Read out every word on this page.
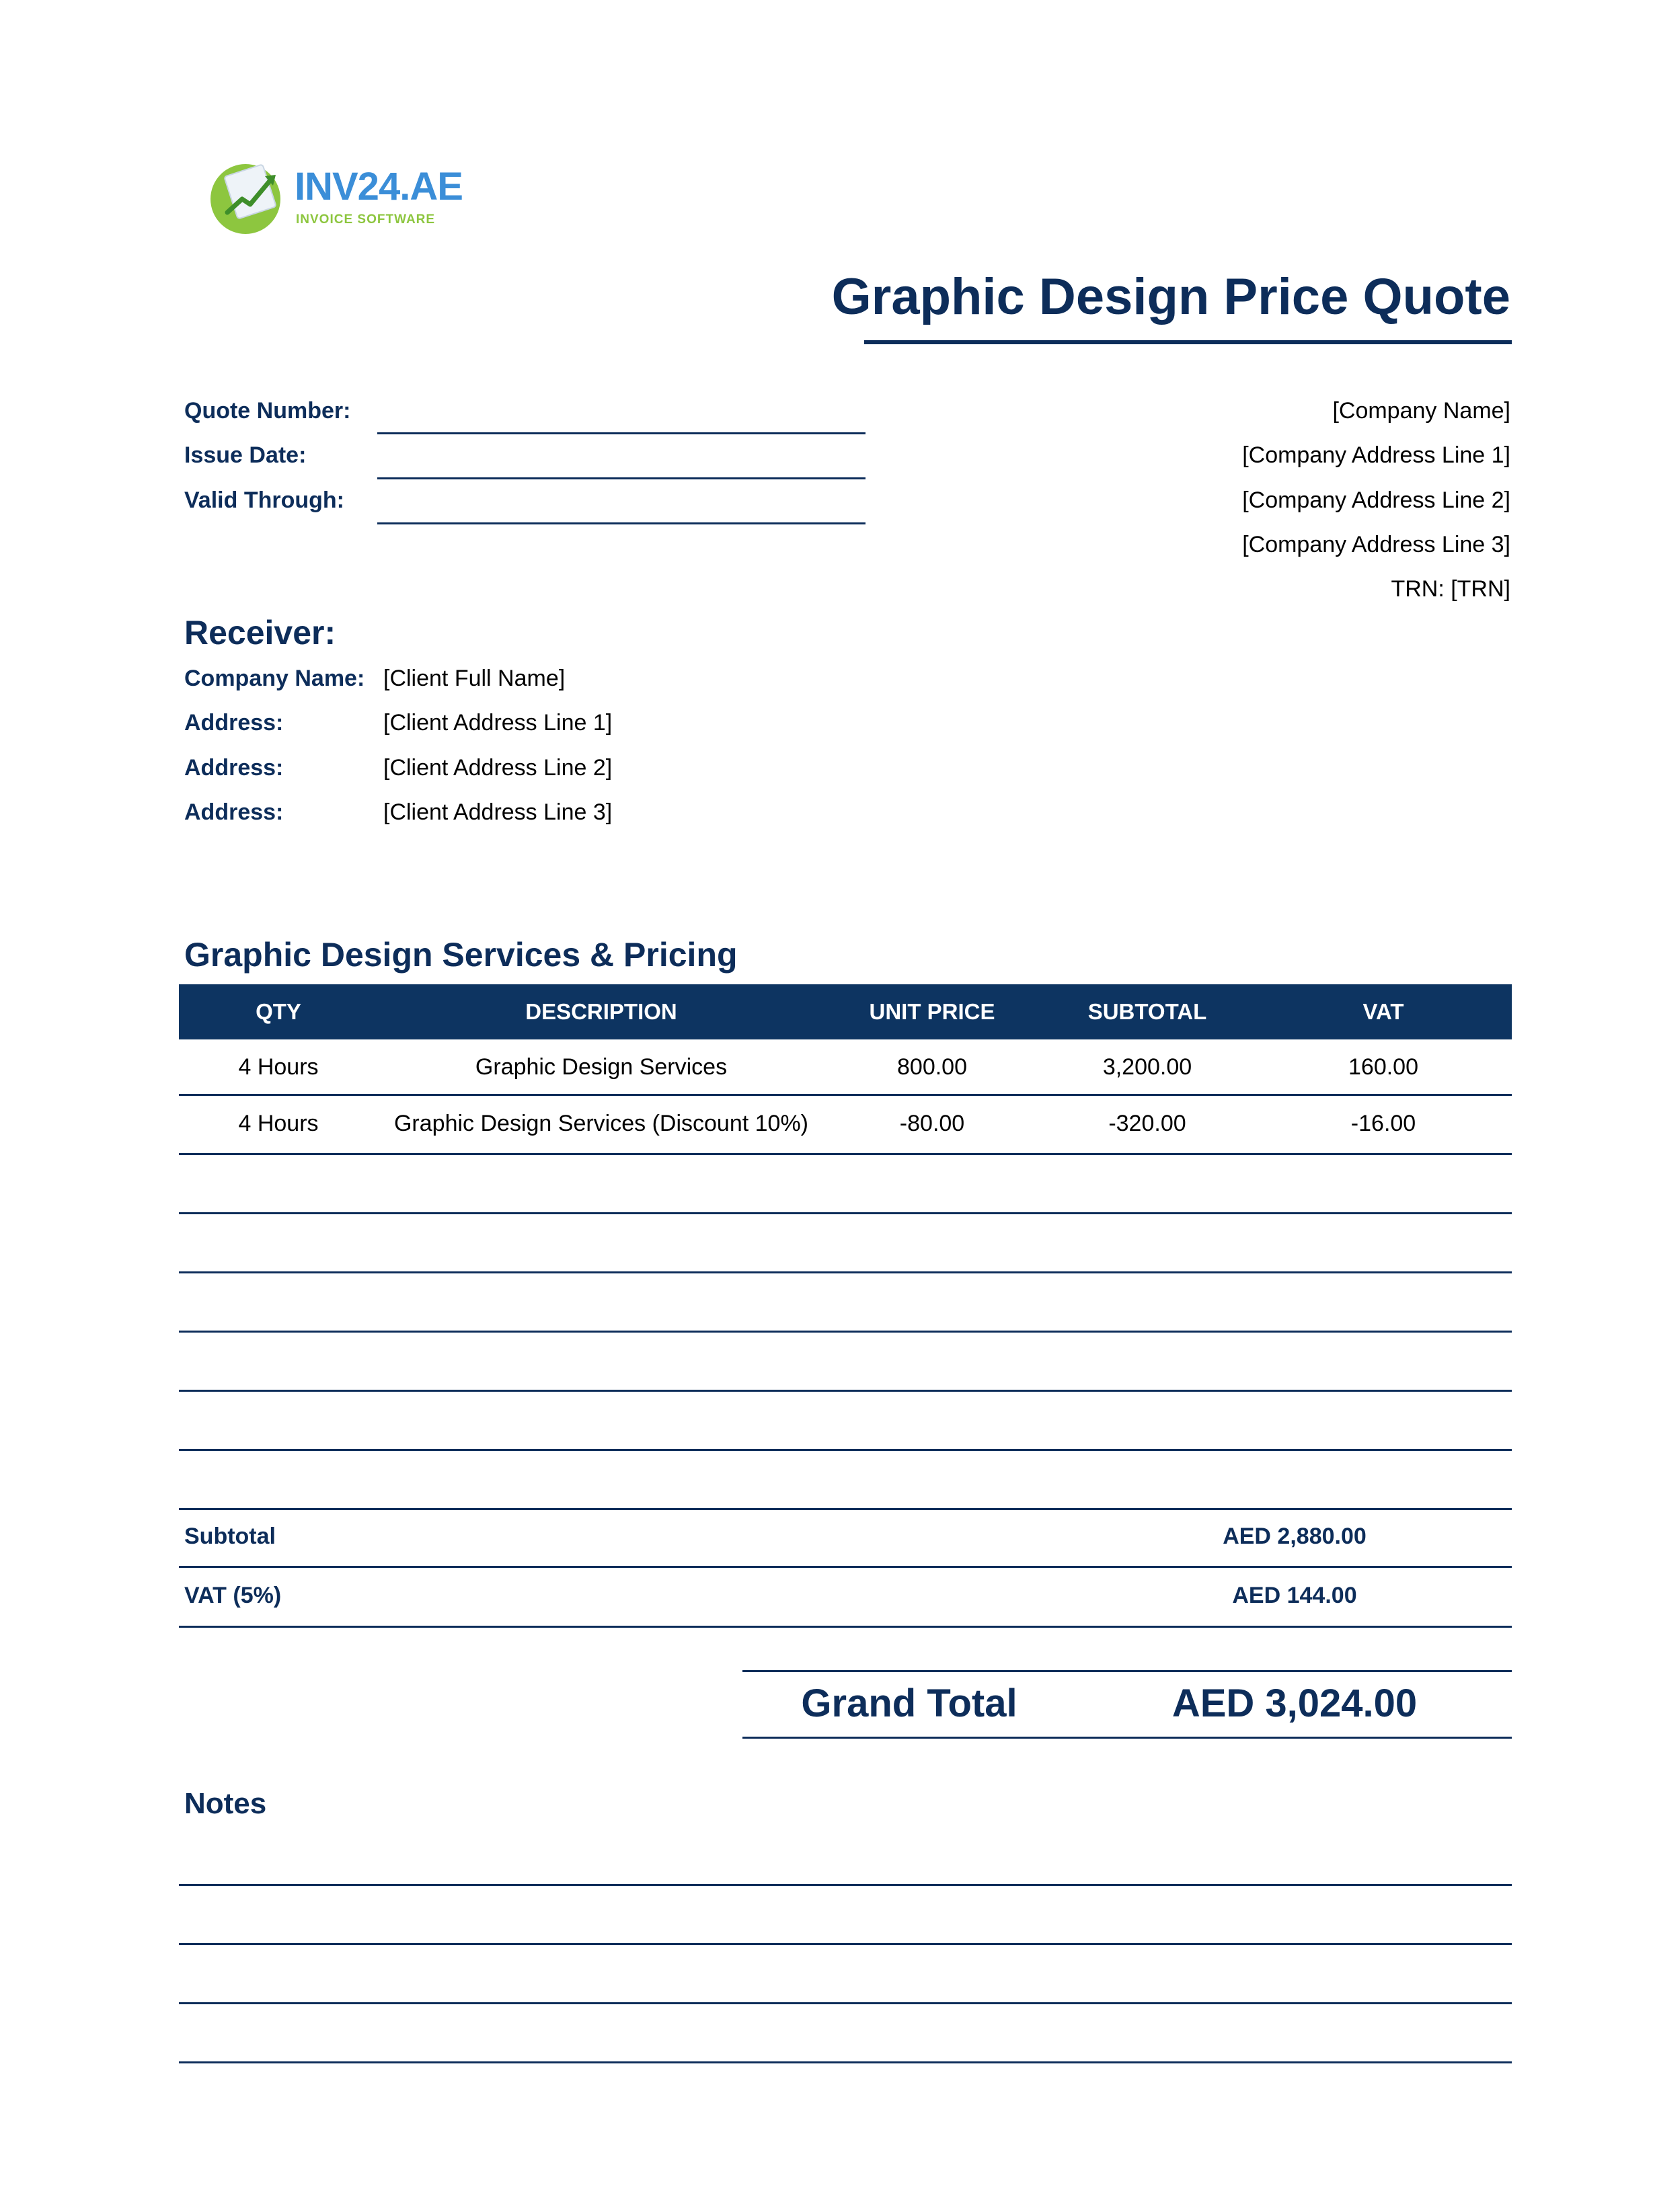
INV24.AE
INVOICE SOFTWARE
Graphic Design Price Quote
Quote Number:
Issue Date:
Valid Through:
[Company Name]
[Company Address Line 1]
[Company Address Line 2]
[Company Address Line 3]
TRN: [TRN]
Receiver:
Company Name: [Client Full Name]
Address:	[Client Address Line 1]
Address:	[Client Address Line 2]
Address:	[Client Address Line 3]
Graphic Design Services & Pricing
QTY	DESCRIPTION	UNIT PRICE	SUBTOTAL	VAT
4 Hours	Graphic Design Services	800.00	3,200.00	160.00
4 Hours	Graphic Design Services (Discount 10%)	-80.00	-320.00	-16.00
Subtotal	AED 2,880.00
VAT (5%)	AED 144.00
Grand Total	AED 3,024.00
Notes
